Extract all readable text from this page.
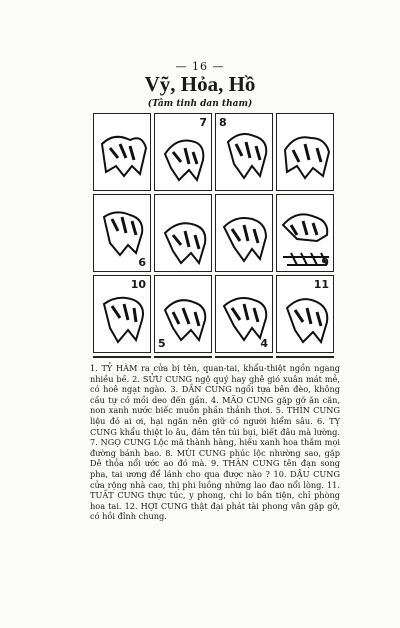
— 16 —
Vỹ, Hỏa, Hồ
(Tâm tinh dan tham)
7 8
6	9
10
5	4
11
1. TỶ HÀM ra cửa bị tên, quan-tai, khẩu-thiệt ngồn ngang nhiều bề. 2. SỬU CUNG ngộ quý hay ghê gió xuân mát mẻ, có hoê ngạt ngào. 3. DẦN CUNG ngồi tựa bên đèo, không cầu tự có mồi deo đến gần. 4. MÃO CUNG gặp gỡ ăn căn, non xanh nước biếc muôn phần thảnh thơi. 5. THÌN CUNG liệu đó ai ơi, hại ngăn nên giữ có người hiểm sâu. 6. TỴ CUNG khẩu thiệt lo âu, đám tên túi bụi, biết đâu mà lường. 7. NGỌ CUNG Lộc mã thành hàng, hiếu xanh hoa thắm mọi đường bánh bao. 8. MÙI CUNG phúc lộc nhường sao, gặp Dê thỏa nổi ước ao đó mà. 9. THÂN CUNG tên đạn song pha, tai ương để lánh cho qua được nào ? 10. DẬU CUNG cửa rộng nhà cao, thị phi luồng những lao đao nổi lòng. 11. TUẤT CUNG thực túc, y phong, chi lo bần tiện, chỉ phòng hoa tai. 12. HỢI CUNG thật đại phát tài phong vân gặp gỡ, có hồi đỉnh chung.
